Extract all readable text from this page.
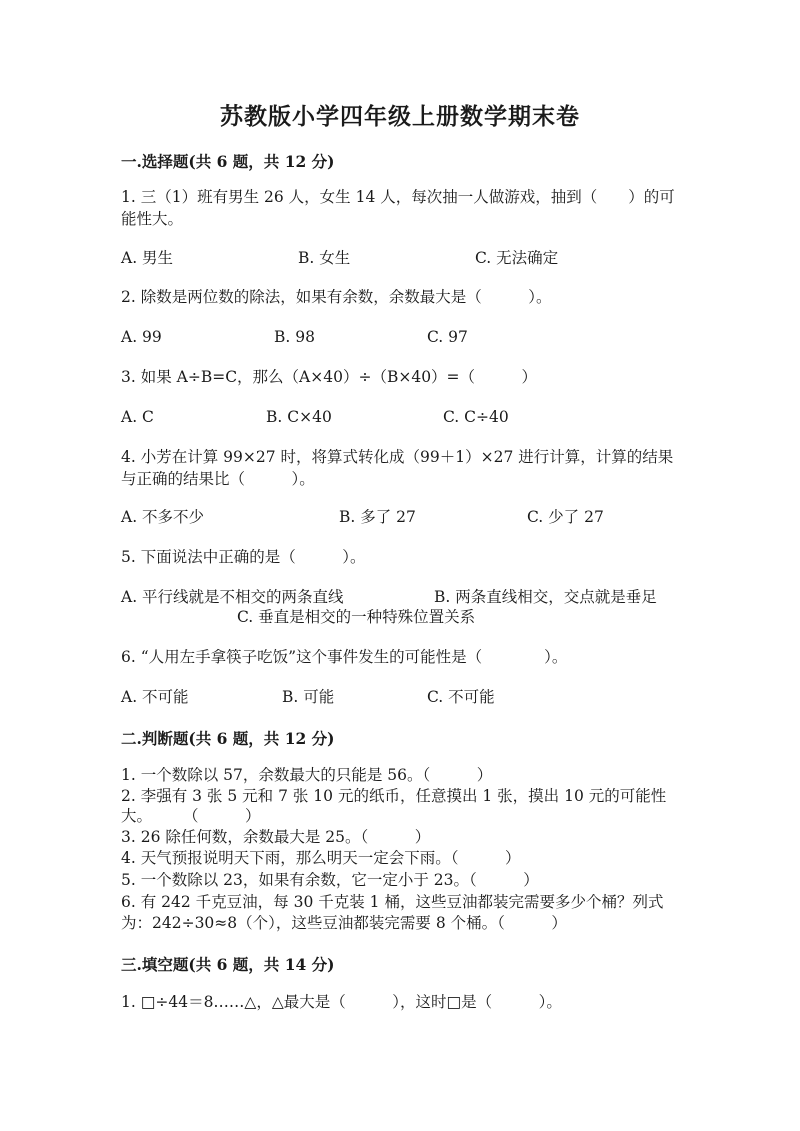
苏教版小学四年级上册数学期末卷
一.选择题(共 6 题，共 12 分)
1. 三（1）班有男生 26 人，女生 14 人，每次抽一人做游戏，抽到（　　）的可
能性大。
A. 男生	B. 女生	C. 无法确定
2. 除数是两位数的除法，如果有余数，余数最大是（　　　）。
A. 99	B. 98	C. 97
3. 如果 A÷B=C，那么（A×40）÷（B×40）=（　　　）
A. C	B. C×40	C. C÷40
4. 小芳在计算 99×27 时，将算式转化成（99＋1）×27 进行计算，计算的结果
与正确的结果比（　　　）。
A. 不多不少	B. 多了 27	C. 少了 27
5. 下面说法中正确的是（　　　）。
A. 平行线就是不相交的两条直线	B. 两条直线相交，交点就是垂足
C. 垂直是相交的一种特殊位置关系
6. “人用左手拿筷子吃饭”这个事件发生的可能性是（　　　　）。
A. 不可能	B. 可能	C. 不可能
二.判断题(共 6 题，共 12 分)
1. 一个数除以 57，余数最大的只能是 56。（　　　）
2. 李强有 3 张 5 元和 7 张 10 元的纸币，任意摸出 1 张，摸出 10 元的可能性
大。　　　（　　　）
3. 26 除任何数，余数最大是 25。（　　　）
4. 天气预报说明天下雨，那么明天一定会下雨。（　　　）
5. 一个数除以 23，如果有余数，它一定小于 23。（　　　）
6. 有 242 千克豆油，每 30 千克装 1 桶，这些豆油都装完需要多少个桶？列式
为：242÷30≈8（个），这些豆油都装完需要 8 个桶。（　　　）
三.填空题(共 6 题，共 14 分)
1. □÷44＝8……△，△最大是（　　　），这时□是（　　　）。
